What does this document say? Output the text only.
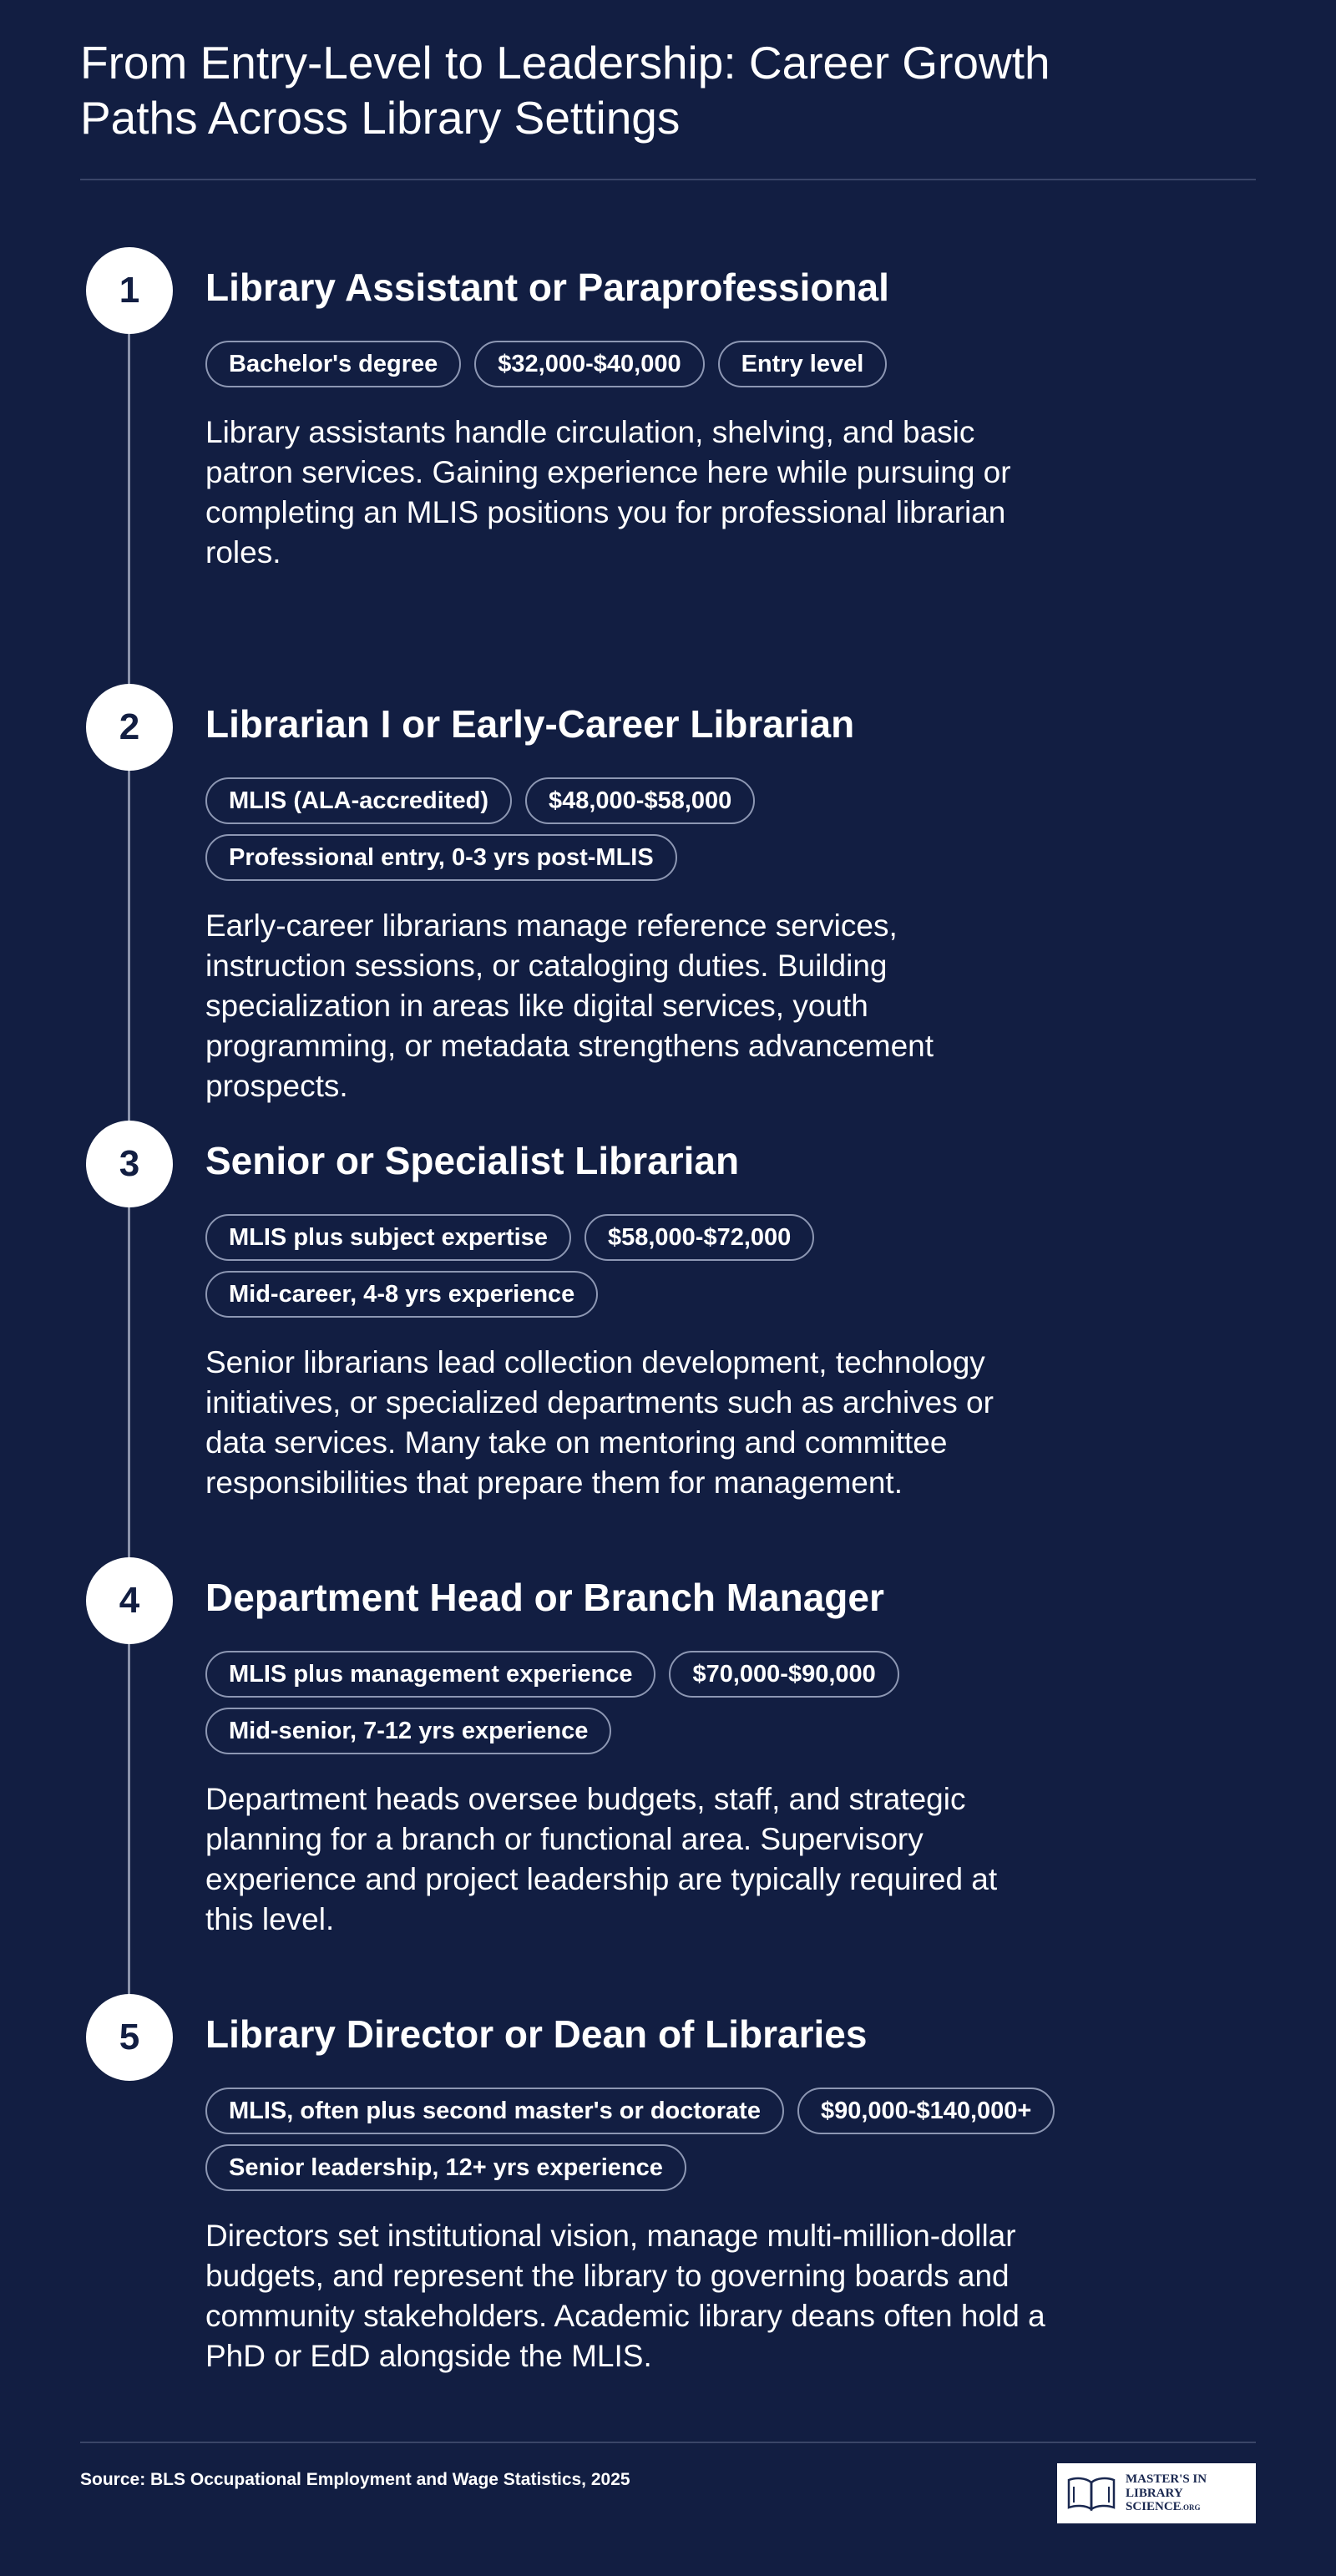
From Entry-Level to Leadership: Career Growth Paths Across Library Settings
1	Library Assistant or Paraprofessional
Bachelor's degree	$32,000-$40,000	Entry level

Library assistants handle circulation, shelving, and basic patron services. Gaining experience here while pursuing or completing an MLIS positions you for professional librarian roles.

2	Librarian I or Early-Career Librarian
MLIS (ALA-accredited)	$48,000-$58,000
Professional entry, 0-3 yrs post-MLIS

Early-career librarians manage reference services, instruction sessions, or cataloging duties. Building specialization in areas like digital services, youth programming, or metadata strengthens advancement prospects.

3	Senior or Specialist Librarian
MLIS plus subject expertise	$58,000-$72,000
Mid-career, 4-8 yrs experience

Senior librarians lead collection development, technology initiatives, or specialized departments such as archives or data services. Many take on mentoring and committee responsibilities that prepare them for management.

4	Department Head or Branch Manager
MLIS plus management experience	$70,000-$90,000
Mid-senior, 7-12 yrs experience

Department heads oversee budgets, staff, and strategic planning for a branch or functional area. Supervisory experience and project leadership are typically required at this level.

5	Library Director or Dean of Libraries
MLIS, often plus second master's or doctorate	$90,000-$140,000+
Senior leadership, 12+ yrs experience

Directors set institutional vision, manage multi-million-dollar budgets, and represent the library to governing boards and community stakeholders. Academic library deans often hold a PhD or EdD alongside the MLIS.

Source: BLS Occupational Employment and Wage Statistics, 2025	MASTER'S IN
LIBRARY SCIENCE.ORG
